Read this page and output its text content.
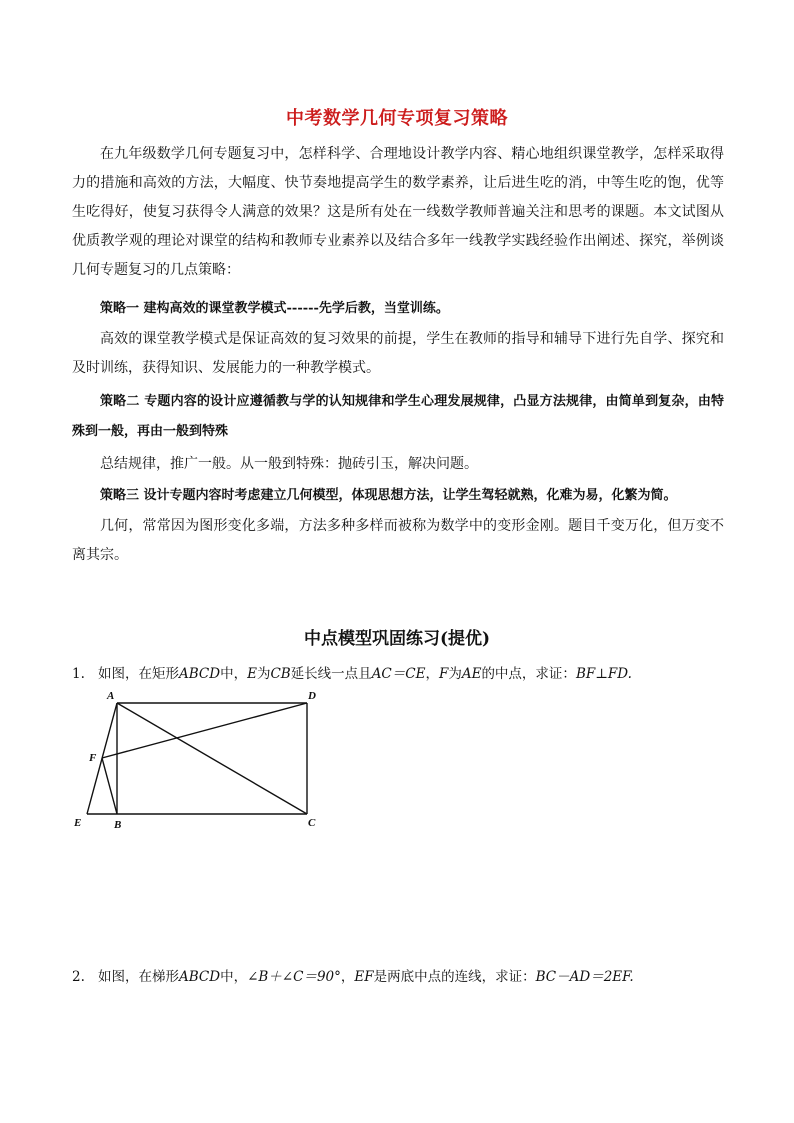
中考数学几何专项复习策略
在九年级数学几何专题复习中，怎样科学、合理地设计教学内容、精心地组织课堂教学，怎样采取得力的措施和高效的方法，大幅度、快节奏地提高学生的数学素养，让后进生吃的消，中等生吃的饱，优等生吃得好，使复习获得令人满意的效果？这是所有处在一线数学教师普遍关注和思考的课题。本文试图从优质教学观的理论对课堂的结构和教师专业素养以及结合多年一线教学实践经验作出阐述、探究，举例谈几何专题复习的几点策略：
策略一 建构高效的课堂教学模式------先学后教，当堂训练。
高效的课堂教学模式是保证高效的复习效果的前提，学生在教师的指导和辅导下进行先自学、探究和及时训练，获得知识、发展能力的一种教学模式。
策略二 专题内容的设计应遵循教与学的认知规律和学生心理发展规律，凸显方法规律，由简单到复杂，由特殊到一般，再由一般到特殊
总结规律，推广一般。从一般到特殊：抛砖引玉，解决问题。
策略三 设计专题内容时考虑建立几何模型，体现思想方法，让学生驾轻就熟，化难为易，化繁为简。
几何，常常因为图形变化多端，方法多种多样而被称为数学中的变形金刚。题目千变万化，但万变不离其宗。
中点模型巩固练习(提优)
1. 如图，在矩形ABCD中，E为CB延长线一点且AC＝CE，F为AE的中点，求证：BF⊥FD.
A	D
F
E	B	C
2. 如图，在梯形ABCD中，∠B＋∠C＝90°，EF是两底中点的连线，求证：BC－AD＝2EF.
